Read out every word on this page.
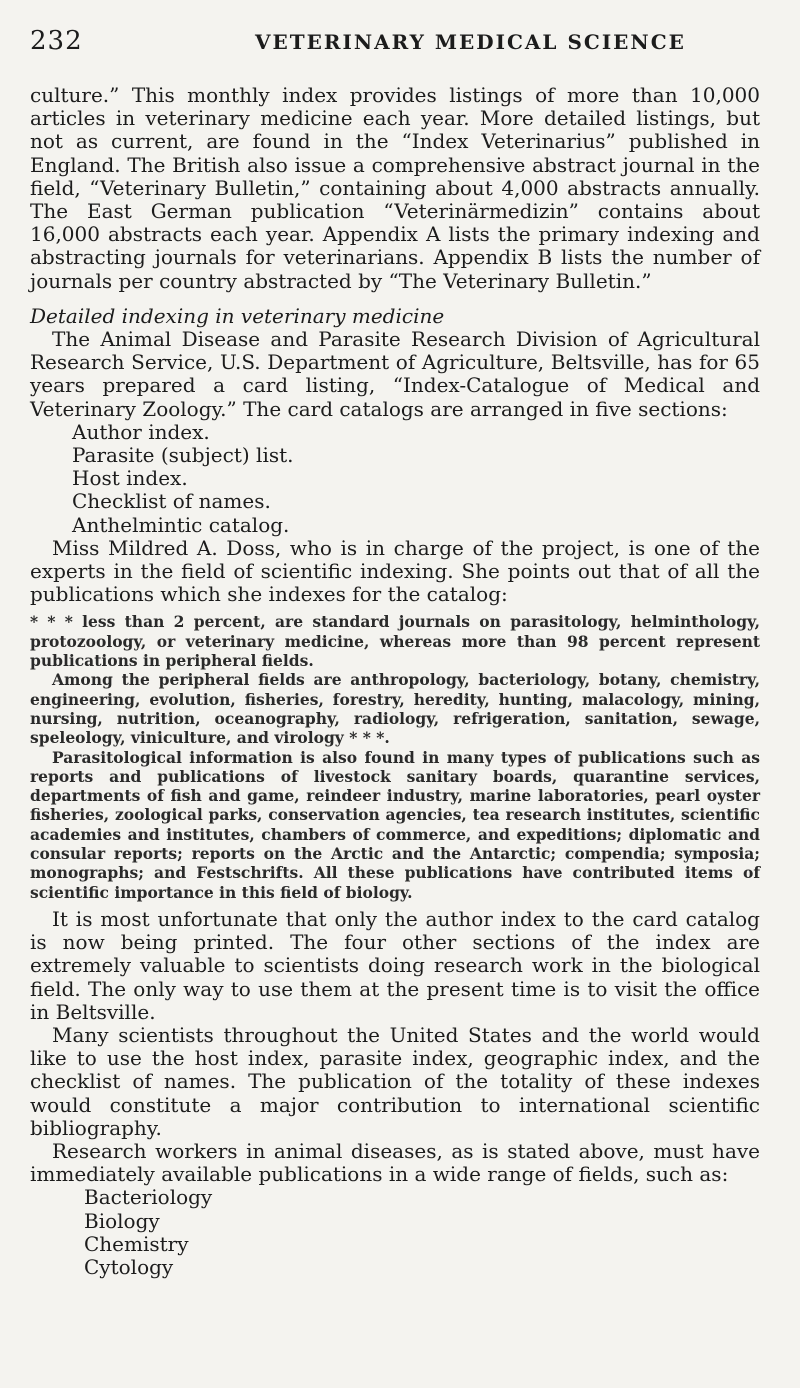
232	VETERINARY MEDICAL SCIENCE

culture.” This monthly index provides listings of more than 10,000 articles in veterinary medicine each year. More detailed listings, but not as current, are found in the “Index Veterinarius” published in England. The British also issue a comprehensive abstract journal in the field, “Veterinary Bulletin,” containing about 4,000 abstracts annually. The East German publication “Veterinärmedizin” contains about 16,000 abstracts each year. Appendix A lists the primary indexing and abstracting journals for veterinarians. Appendix B lists the number of journals per country abstracted by “The Veterinary Bulletin.”

Detailed indexing in veterinary medicine

The Animal Disease and Parasite Research Division of Agricultural Research Service, U.S. Department of Agriculture, Beltsville, has for 65 years prepared a card listing, “Index-Catalogue of Medical and Veterinary Zoology.” The card catalogs are arranged in five sections:

Author index.
Parasite (subject) list.
Host index.
Checklist of names.
Anthelmintic catalog.

Miss Mildred A. Doss, who is in charge of the project, is one of the experts in the field of scientific indexing. She points out that of all the publications which she indexes for the catalog:

* * * less than 2 percent, are standard journals on parasitology, helminthology, protozoology, or veterinary medicine, whereas more than 98 percent represent publications in peripheral fields.

Among the peripheral fields are anthropology, bacteriology, botany, chemistry, engineering, evolution, fisheries, forestry, heredity, hunting, malacology, mining, nursing, nutrition, oceanography, radiology, refrigeration, sanitation, sewage, speleology, viniculture, and virology * * *.

Parasitological information is also found in many types of publications such as reports and publications of livestock sanitary boards, quarantine services, departments of fish and game, reindeer industry, marine laboratories, pearl oyster fisheries, zoological parks, conservation agencies, tea research institutes, scientific academies and institutes, chambers of commerce, and expeditions; diplomatic and consular reports; reports on the Arctic and the Antarctic; compendia; symposia; monographs; and Festschrifts. All these publications have contributed items of scientific importance in this field of biology.

It is most unfortunate that only the author index to the card catalog is now being printed. The four other sections of the index are extremely valuable to scientists doing research work in the biological field. The only way to use them at the present time is to visit the office in Beltsville.

Many scientists throughout the United States and the world would like to use the host index, parasite index, geographic index, and the checklist of names. The publication of the totality of these indexes would constitute a major contribution to international scientific bibliography.

Research workers in animal diseases, as is stated above, must have immediately available publications in a wide range of fields, such as:

Bacteriology
Biology
Chemistry
Cytology
